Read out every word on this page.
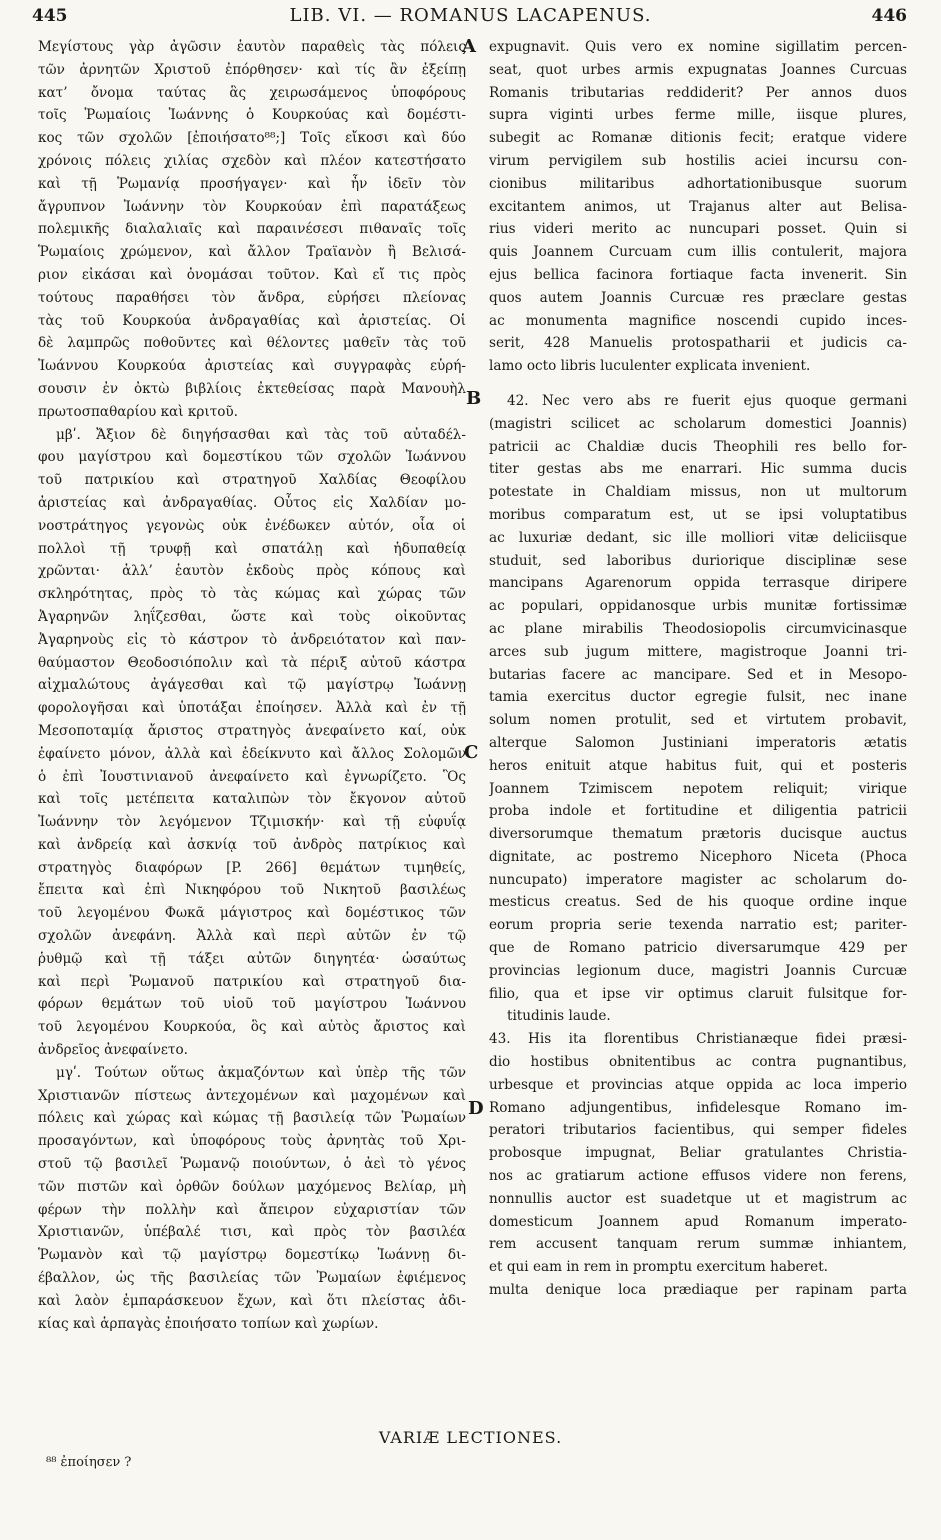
445	LIB. VI. — ROMANUS LACAPENUS.	446
Μεγίστους γὰρ ἀγῶσιν ἑαυτὸν παραθεὶς τὰς πόλεις
τῶν ἀρνητῶν Χριστοῦ ἐπόρθησεν· καὶ τίς ἂν ἐξείπῃ
κατ’ ὄνομα ταύτας ἃς χειρωσάμενος ὑποφόρους
τοῖς Ῥωμαίοις Ἰωάννης ὁ Κουρκούας καὶ δομέστι-
κος τῶν σχολῶν [ἐποιήσατο⁸⁸;] Τοῖς εἴκοσι καὶ δύο
χρόνοις πόλεις χιλίας σχεδὸν καὶ πλέον κατεστήσατο
καὶ τῇ Ῥωμανίᾳ προσήγαγεν· καὶ ἦν ἰδεῖν τὸν
ἄγρυπνον Ἰωάννην τὸν Κουρκούαν ἐπὶ παρατάξεως
πολεμικῆς διαλαλιαῖς καὶ παραινέσεσι πιθαναῖς τοῖς
Ῥωμαίοις χρώμενον, καὶ ἄλλον Τραϊανὸν ἢ Βελισά-
ριον εἰκάσαι καὶ ὀνομάσαι τοῦτον. Καὶ εἴ τις πρὸς
τούτους παραθήσει τὸν ἄνδρα, εὑρήσει πλείονας
τὰς τοῦ Κουρκούα ἀνδραγαθίας καὶ ἀριστείας. Οἱ
δὲ λαμπρῶς ποθοῦντες καὶ θέλοντες μαθεῖν τὰς τοῦ
Ἰωάννου Κουρκούα ἀριστείας καὶ συγγραφὰς εὑρή-
σουσιν ἐν ὀκτὼ βιβλίοις ἐκτεθείσας παρὰ Μανουὴλ
πρωτοσπαθαρίου καὶ κριτοῦ.
μβʹ. Ἄξιον δὲ διηγήσασθαι καὶ τὰς τοῦ αὐταδέλ-
φου μαγίστρου καὶ δομεστίκου τῶν σχολῶν Ἰωάννου
τοῦ πατρικίου καὶ στρατηγοῦ Χαλδίας Θεοφίλου
ἀριστείας καὶ ἀνδραγαθίας. Οὗτος εἰς Χαλδίαν μο-
νοστράτηγος γεγονὼς οὐκ ἐνέδωκεν αὐτόν, οἷα οἱ
πολλοὶ τῇ τρυφῇ καὶ σπατάλῃ καὶ ἡδυπαθείᾳ
χρῶνται· ἀλλ’ ἑαυτὸν ἐκδοὺς πρὸς κόπους καὶ
σκληρότητας, πρὸς τὸ τὰς κώμας καὶ χώρας τῶν
Ἀγαρηνῶν ληΐζεσθαι, ὥστε καὶ τοὺς οἰκοῦντας
Ἀγαρηνοὺς εἰς τὸ κάστρον τὸ ἀνδρειότατον καὶ παν-
θαύμαστον Θεοδοσιόπολιν καὶ τὰ πέριξ αὐτοῦ κάστρα
αἰχμαλώτους ἀγάγεσθαι καὶ τῷ μαγίστρῳ Ἰωάννῃ
φορολογῆσαι καὶ ὑποτάξαι ἐποίησεν. Ἀλλὰ καὶ ἐν τῇ
Μεσοποταμίᾳ ἄριστος στρατηγὸς ἀνεφαίνετο καί, οὐκ
ἐφαίνετο μόνον, ἀλλὰ καὶ ἐδείκνυτο καὶ ἄλλος Σολομῶν
ὁ ἐπὶ Ἰουστινιανοῦ ἀνεφαίνετο καὶ ἐγνωρίζετο. Ὃς
καὶ τοῖς μετέπειτα καταλιπὼν τὸν ἔκγονον αὐτοῦ
Ἰωάννην τὸν λεγόμενον Τζιμισκήν· καὶ τῇ εὐφυΐᾳ
καὶ ἀνδρείᾳ καὶ ἀσκνίᾳ τοῦ ἀνδρὸς πατρίκιος καὶ
στρατηγὸς διαφόρων [P. 266] θεμάτων τιμηθείς,
ἔπειτα καὶ ἐπὶ Νικηφόρου τοῦ Νικητοῦ βασιλέως
τοῦ λεγομένου Φωκᾶ μάγιστρος καὶ δομέστικος τῶν
σχολῶν ἀνεφάνη. Ἀλλὰ καὶ περὶ αὐτῶν ἐν τῷ
ῥυθμῷ καὶ τῇ τάξει αὐτῶν διηγητέα· ὡσαύτως
καὶ περὶ Ῥωμανοῦ πατρικίου καὶ στρατηγοῦ δια-
φόρων θεμάτων τοῦ υἱοῦ τοῦ μαγίστρου Ἰωάννου
τοῦ λεγομένου Κουρκούα, ὃς καὶ αὐτὸς ἄριστος καὶ
ἀνδρεῖος ἀνεφαίνετο.
μγʹ. Τούτων οὕτως ἀκμαζόντων καὶ ὑπὲρ τῆς τῶν
Χριστιανῶν πίστεως ἀντεχομένων καὶ μαχομένων καὶ
πόλεις καὶ χώρας καὶ κώμας τῇ βασιλείᾳ τῶν Ῥωμαίων
προσαγόντων, καὶ ὑποφόρους τοὺς ἀρνητὰς τοῦ Χρι-
στοῦ τῷ βασιλεῖ Ῥωμανῷ ποιούντων, ὁ ἀεὶ τὸ γένος
τῶν πιστῶν καὶ ὀρθῶν δούλων μαχόμενος Βελίαρ, μὴ
φέρων τὴν πολλὴν καὶ ἄπειρον εὐχαριστίαν τῶν
Χριστιανῶν, ὑπέβαλέ τισι, καὶ πρὸς τὸν βασιλέα
Ῥωμανὸν καὶ τῷ μαγίστρῳ δομεστίκῳ Ἰωάννῃ δι-
έβαλλον, ὡς τῆς βασιλείας τῶν Ῥωμαίων ἐφιέμενος
καὶ λαὸν ἐμπαράσκευον ἔχων, καὶ ὅτι πλείστας ἀδι-
κίας καὶ ἁρπαγὰς ἐποιήσατο τοπίων καὶ χωρίων.
expugnavit. Quis vero ex nomine sigillatim percen-
seat, quot urbes armis expugnatas Joannes Curcuas
Romanis tributarias reddiderit? Per annos duos
supra viginti urbes ferme mille, iisque plures,
subegit ac Romanæ ditionis fecit; eratque videre
virum pervigilem sub hostilis aciei incursu con-
cionibus militaribus adhortationibusque suorum
excitantem animos, ut Trajanus alter aut Belisa-
rius videri merito ac nuncupari posset. Quin si
quis Joannem Curcuam cum illis contulerit, majora
ejus bellica facinora fortiaque facta invenerit. Sin
quos autem Joannis Curcuæ res præclare gestas
ac monumenta magnifice noscendi cupido inces-
serit, 428 Manuelis protospatharii et judicis ca-
lamo octo libris luculenter explicata invenient.
42. Nec vero abs re fuerit ejus quoque germani
(magistri scilicet ac scholarum domestici Joannis)
patricii ac Chaldiæ ducis Theophili res bello for-
titer gestas abs me enarrari. Hic summa ducis
potestate in Chaldiam missus, non ut multorum
moribus comparatum est, ut se ipsi voluptatibus
ac luxuriæ dedant, sic ille molliori vitæ deliciisque
studuit, sed laboribus duriorique disciplinæ sese
mancipans Agarenorum oppida terrasque diripere
ac populari, oppidanosque urbis munitæ fortissimæ
ac plane mirabilis Theodosiopolis circumvicinasque
arces sub jugum mittere, magistroque Joanni tri-
butarias facere ac mancipare. Sed et in Mesopo-
tamia exercitus ductor egregie fulsit, nec inane
solum nomen protulit, sed et virtutem probavit,
alterque Salomon Justiniani imperatoris ætatis
heros enituit atque habitus fuit, qui et posteris
Joannem Tzimiscem nepotem reliquit; virique
proba indole et fortitudine et diligentia patricii
diversorumque thematum prætoris ducisque auctus
dignitate, ac postremo Nicephoro Niceta (Phoca
nuncupato) imperatore magister ac scholarum do-
mesticus creatus. Sed de his quoque ordine inque
eorum propria serie texenda narratio est; pariter-
que de Romano patricio diversarumque 429 per
provincias legionum duce, magistri Joannis Curcuæ
filio, qua et ipse vir optimus claruit fulsitque for-
titudinis laude.
43. His ita florentibus Christianæque fidei præsi-
dio hostibus obnitentibus ac contra pugnantibus,
urbesque et provincias atque oppida ac loca imperio
Romano adjungentibus, infidelesque Romano im-
peratori tributarios facientibus, qui semper fideles
probosque impugnat, Beliar gratulantes Christia-
nos ac gratiarum actione effusos videre non ferens,
nonnullis auctor est suadetque ut et magistrum ac
domesticum Joannem apud Romanum imperato-
rem accusent tanquam rerum summæ inhiantem,
et qui eam in rem in promptu exercitum haberet.
multa denique loca prædiaque per rapinam parta
A
B
C
D
VARIÆ LECTIONES.
⁸⁸ ἐποίησεν ?
